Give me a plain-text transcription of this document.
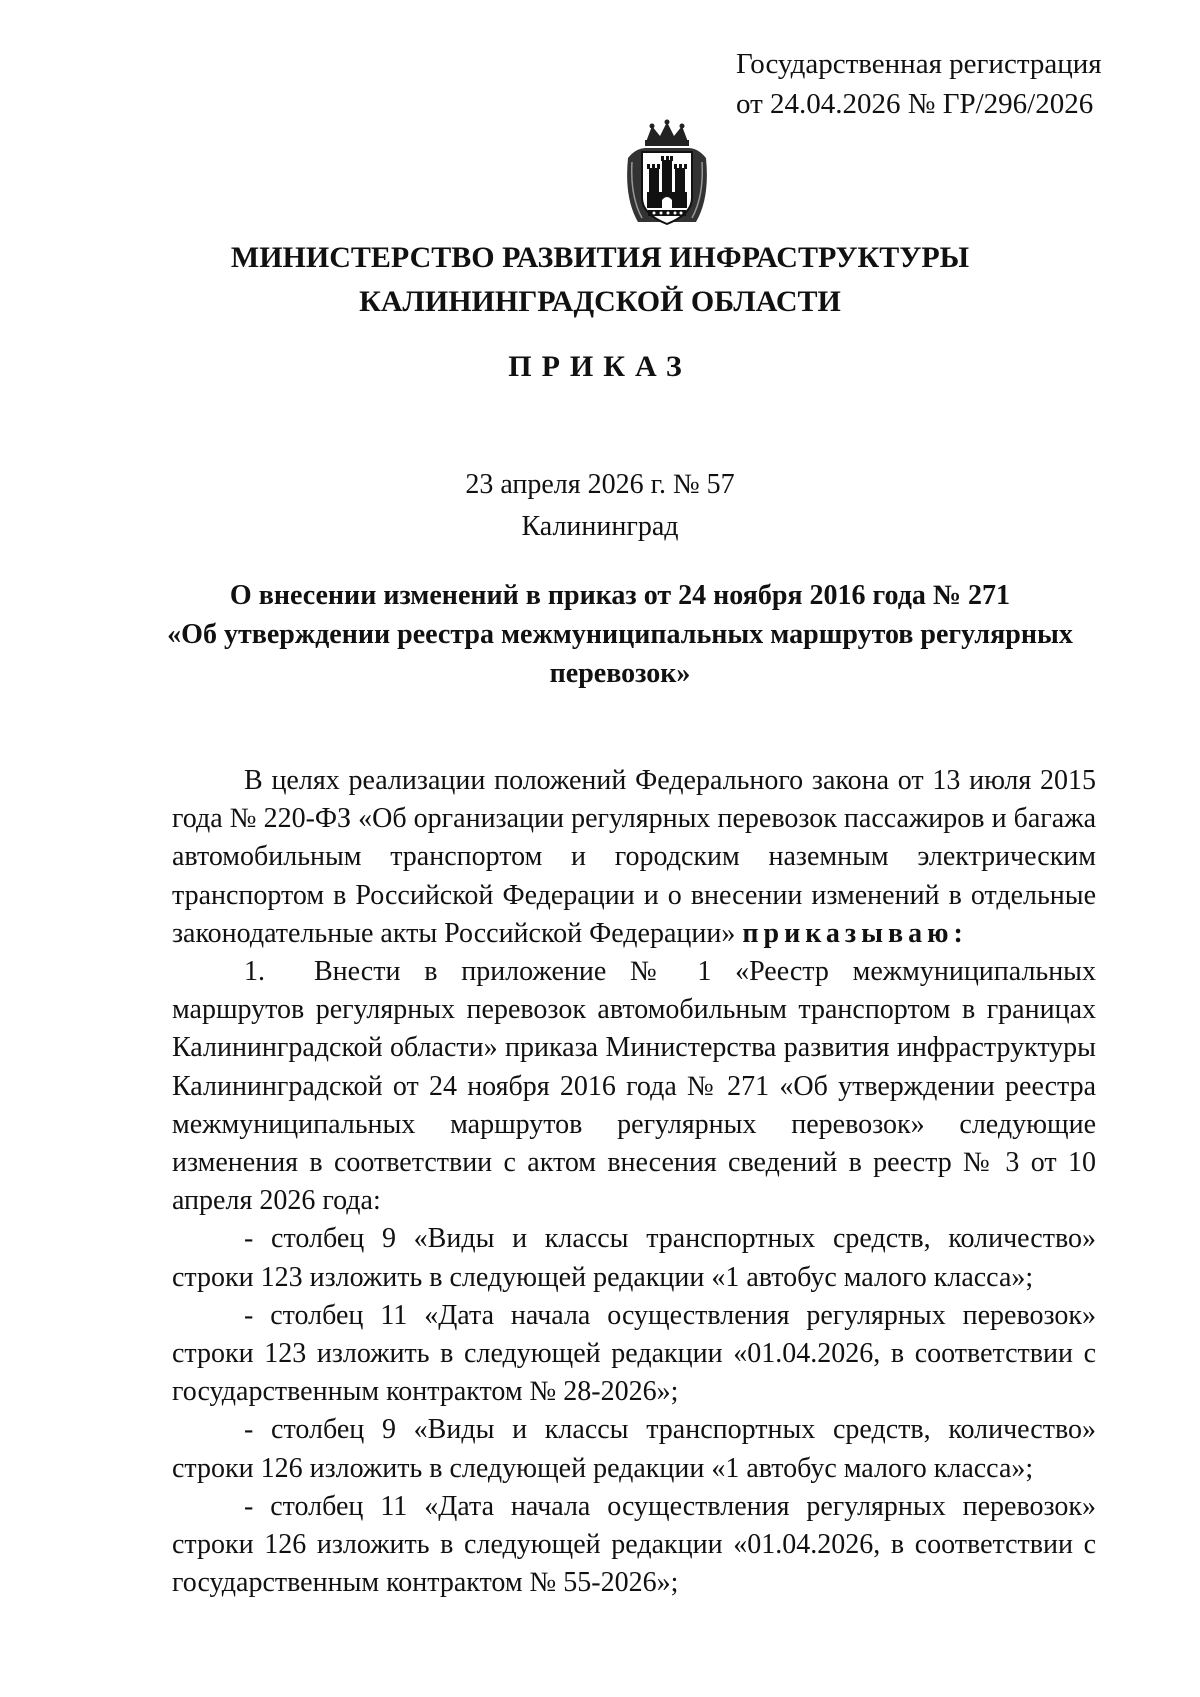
Государственная регистрация
от 24.04.2026 № ГР/296/2026
МИНИСТЕРСТВО РАЗВИТИЯ ИНФРАСТРУКТУРЫ
КАЛИНИНГРАДСКОЙ ОБЛАСТИ
ПРИКАЗ
23 апреля 2026 г. № 57
Калининград
О внесении изменений в приказ от 24 ноября 2016 года № 271
«Об утверждении реестра межмуниципальных маршрутов регулярных
перевозок»

В целях реализации положений Федерального закона от 13 июля 2015 года № 220-ФЗ «Об организации регулярных перевозок пассажиров и багажа автомобильным транспортом и городским наземным электрическим транспортом в Российской Федерации и о внесении изменений в отдельные законодательные акты Российской Федерации» приказываю:

1. Внести в приложение № 1 «Реестр межмуниципальных маршрутов регулярных перевозок автомобильным транспортом в границах Калининградской области» приказа Министерства развития инфраструктуры Калининградской от 24 ноября 2016 года № 271 «Об утверждении реестра межмуниципальных маршрутов регулярных перевозок» следующие изменения в соответствии с актом внесения сведений в реестр № 3 от 10 апреля 2026 года:

- столбец 9 «Виды и классы транспортных средств, количество» строки 123 изложить в следующей редакции «1 автобус малого класса»;

- столбец 11 «Дата начала осуществления регулярных перевозок» строки 123 изложить в следующей редакции «01.04.2026, в соответствии с государственным контрактом № 28-2026»;

- столбец 9 «Виды и классы транспортных средств, количество» строки 126 изложить в следующей редакции «1 автобус малого класса»;

- столбец 11 «Дата начала осуществления регулярных перевозок» строки 126 изложить в следующей редакции «01.04.2026, в соответствии с государственным контрактом № 55-2026»;
